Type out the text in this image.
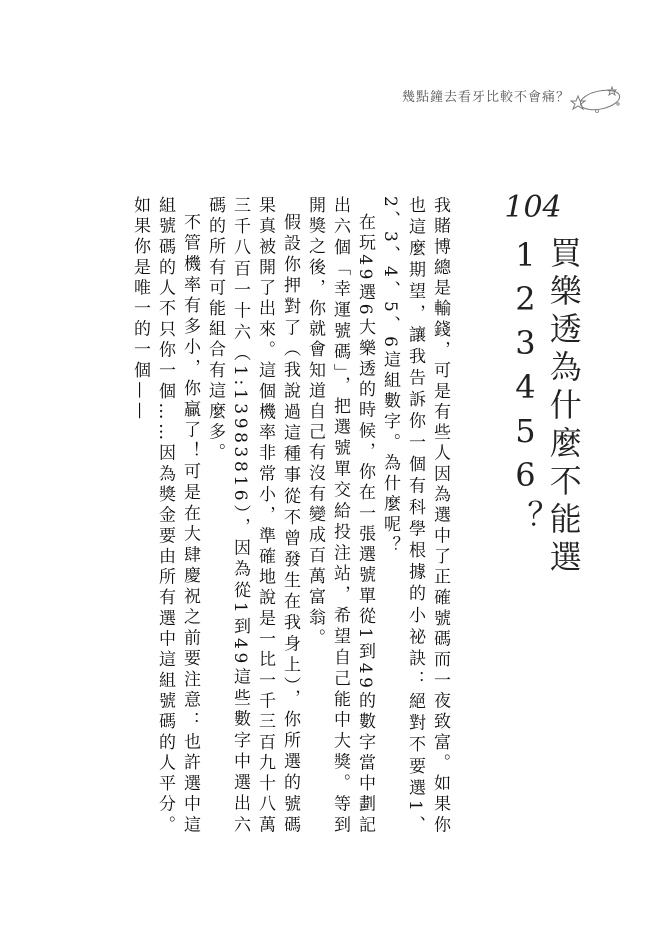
幾點鐘去看牙比較不會痛？
104
買樂透為什麼不能選123456？

我賭博總是輸錢，可是有些人因為選中了正確號碼而一夜致富。如果你也這麼期望，讓我告訴你一個有科學根據的小祕訣：絕對不要選1、2、3、4、5、6這組數字。為什麼呢？

在玩49選6大樂透的時候，你在一張選號單從1到49的數字當中劃記出六個「幸運號碼」，把選號單交給投注站，希望自己能中大獎。等到開獎之後，你就會知道自己有沒有變成百萬富翁。

假設你押對了（我說過這種事從不曾發生在我身上），你所選的號碼果真被開了出來。這個機率非常小，準確地說是一比一千三百九十八萬三千八百一十六（1:13983816），因為從1到49這些數字中選出六碼的所有可能組合有這麼多。

不管機率有多小，你贏了！可是在大肆慶祝之前要注意：也許選中這組號碼的人不只你一個……因為獎金要由所有選中這組號碼的人平分。如果你是唯一的一個——
